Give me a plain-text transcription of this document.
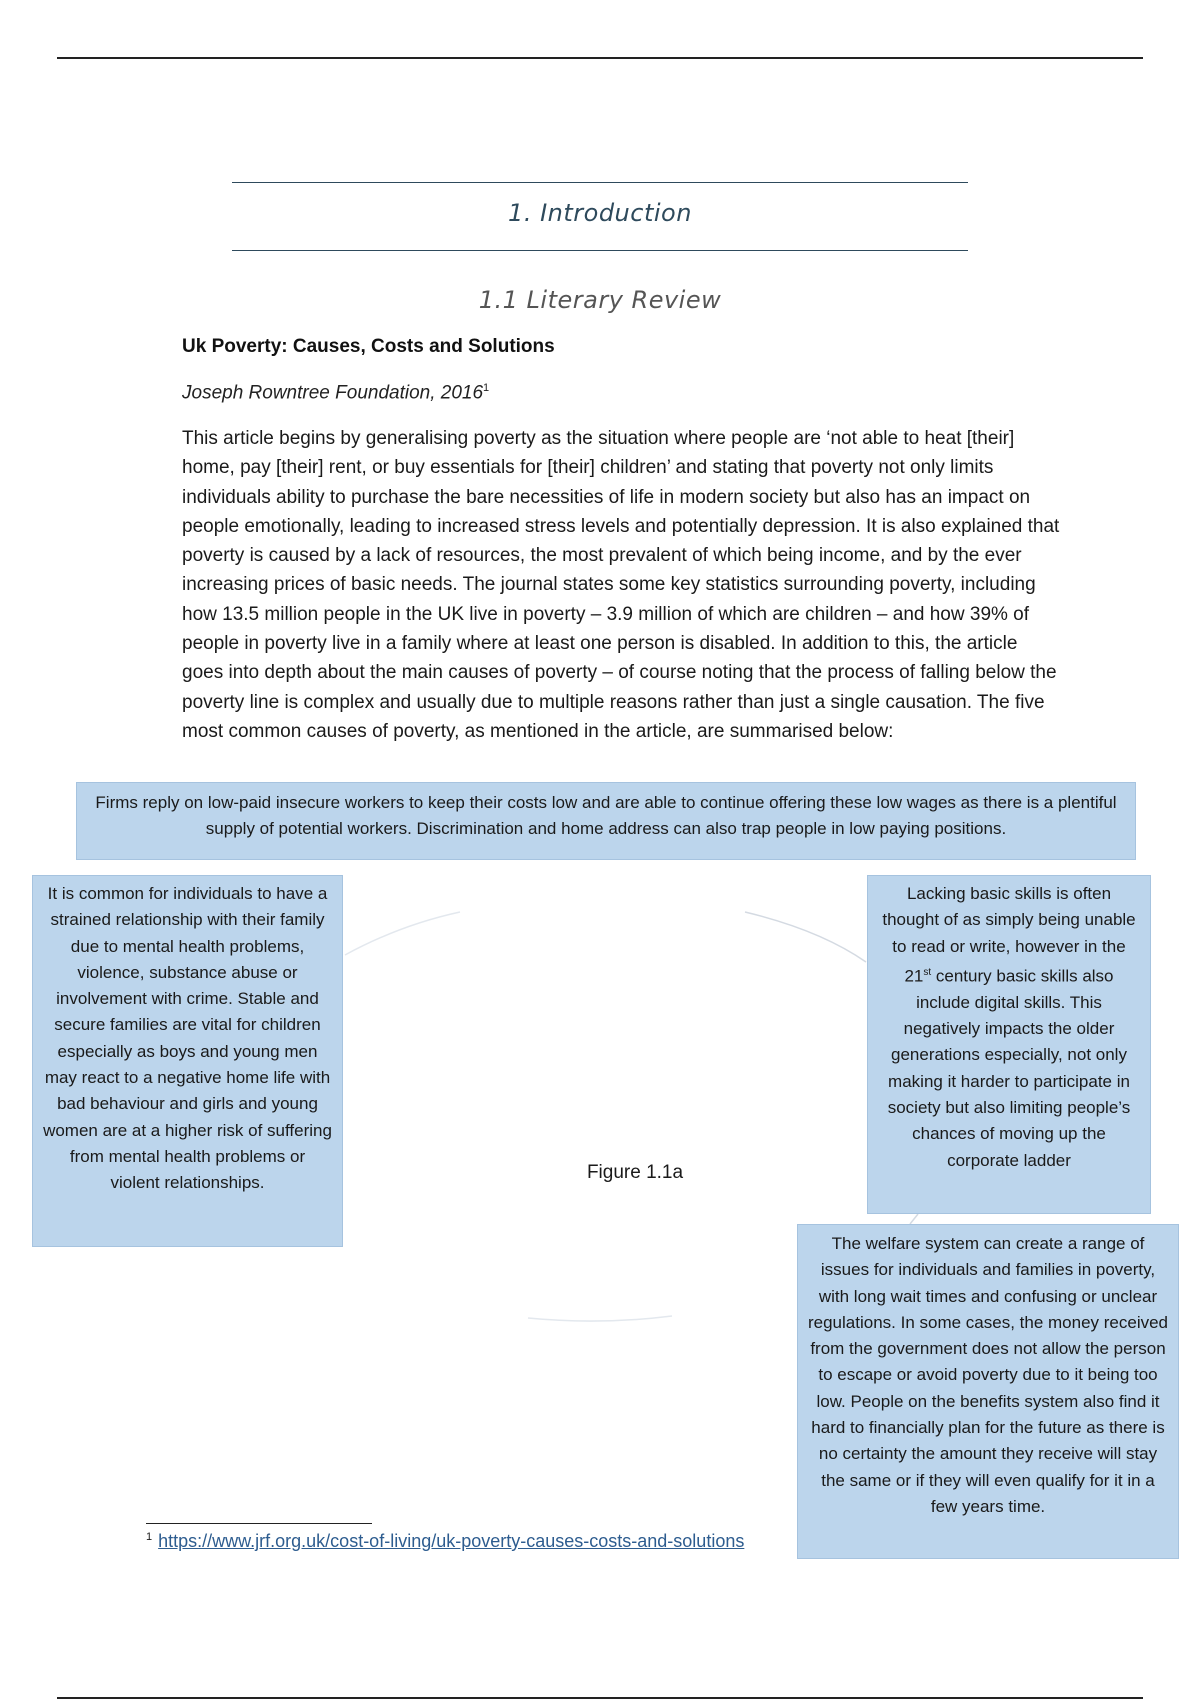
1. Introduction
1.1 Literary Review
Uk Poverty: Causes, Costs and Solutions
Joseph Rowntree Foundation, 2016$^1$
This article begins by generalising poverty as the situation where people are ‘not able to heat [their] home, pay [their] rent, or buy essentials for [their] children’ and stating that poverty not only limits individuals ability to purchase the bare necessities of life in modern society but also has an impact on people emotionally, leading to increased stress levels and potentially depression. It is also explained that poverty is caused by a lack of resources, the most prevalent of which being income, and by the ever increasing prices of basic needs. The journal states some key statistics surrounding poverty, including how 13.5 million people in the UK live in poverty – 3.9 million of which are children – and how 39% of people in poverty live in a family where at least one person is disabled. In addition to this, the article goes into depth about the main causes of poverty – of course noting that the process of falling below the poverty line is complex and usually due to multiple reasons rather than just a single causation. The five most common causes of poverty, as mentioned in the article, are summarised below:
Firms reply on low-paid insecure workers to keep their costs low and are able to continue offering these low wages as there is a plentiful supply of potential workers. Discrimination and home address can also trap people in low paying positions.
It is common for individuals to have a strained relationship with their family due to mental health problems, violence, substance abuse or involvement with crime. Stable and secure families are vital for children especially as boys and young men may react to a negative home life with bad behaviour and girls and young women are at a higher risk of suffering from mental health problems or violent relationships.
Lacking basic skills is often thought of as simply being unable to read or write, however in the 21st century basic skills also include digital skills. This negatively impacts the older generations especially, not only making it harder to participate in society but also limiting people’s chances of moving up the corporate ladder
The welfare system can create a range of issues for individuals and families in poverty, with long wait times and confusing or unclear regulations. In some cases, the money received from the government does not allow the person to escape or avoid poverty due to it being too low. People on the benefits system also find it hard to financially plan for the future as there is no certainty the amount they receive will stay the same or if they will even qualify for it in a few years time.
Figure 1.1a
$^1$ https://www.jrf.org.uk/cost-of-living/uk-poverty-causes-costs-and-solutions
